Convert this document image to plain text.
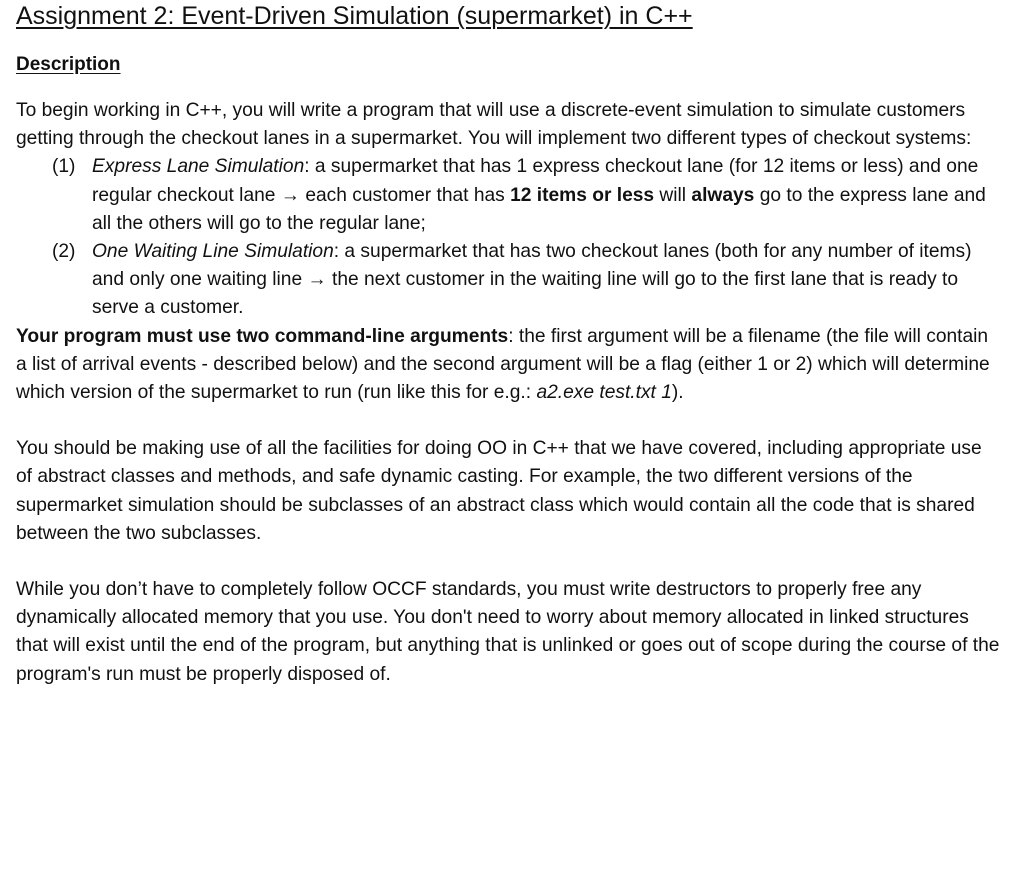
Assignment 2: Event-Driven Simulation (supermarket) in C++
Description

To begin working in C++, you will write a program that will use a discrete-event simulation to simulate customers getting through the checkout lanes in a supermarket. You will implement two different types of checkout systems:

(1) Express Lane Simulation: a supermarket that has 1 express checkout lane (for 12 items or less) and one regular checkout lane → each customer that has 12 items or less will always go to the express lane and all the others will go to the regular lane;
(2) One Waiting Line Simulation: a supermarket that has two checkout lanes (both for any number of items) and only one waiting line → the next customer in the waiting line will go to the first lane that is ready to serve a customer.

Your program must use two command-line arguments: the first argument will be a filename (the file will contain a list of arrival events - described below) and the second argument will be a flag (either 1 or 2) which will determine which version of the supermarket to run (run like this for e.g.: a2.exe test.txt 1).

You should be making use of all the facilities for doing OO in C++ that we have covered, including appropriate use of abstract classes and methods, and safe dynamic casting. For example, the two different versions of the supermarket simulation should be subclasses of an abstract class which would contain all the code that is shared between the two subclasses.

While you don’t have to completely follow OCCF standards, you must write destructors to properly free any dynamically allocated memory that you use. You don't need to worry about memory allocated in linked structures that will exist until the end of the program, but anything that is unlinked or goes out of scope during the course of the program's run must be properly disposed of.
